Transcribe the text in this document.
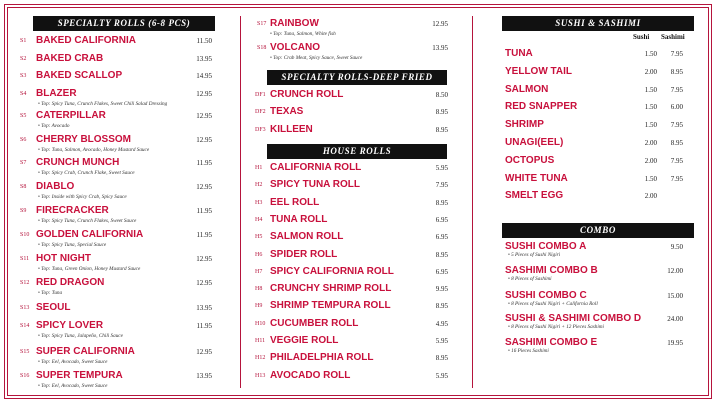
SPECIALTY ROLLS (6-8 PCS)
S1 BAKED CALIFORNIA	11.50
S2 BAKED CRAB	13.95
S3 BAKED SCALLOP	14.95
S4 BLAZER	12.95
• Top: Spicy Tuna, Crunch Flakes, Sweet Chili Salad Dressing
S5 CATERPILLAR	12.95
• Top: Avocado
S6 CHERRY BLOSSOM	12.95
• Top: Tuna, Salmon, Avocado, Honey Mustard Sauce
S7 CRUNCH MUNCH	11.95
• Top: Spicy Crab, Crunch Flake, Sweet Sauce
S8 DIABLO	12.95
• Top: Inside with Spicy Crab, Spicy Sauce
S9 FIRECRACKER	11.95
• Top: Spicy Tuna, Crunch Flakes, Sweet Sauce
S10 GOLDEN CALIFORNIA	11.95
• Top: Spicy Tuna, Special Sauce
S11 HOT NIGHT	12.95
• Top: Tuna, Green Onion, Honey Mustard Sauce
S12 RED DRAGON	12.95
• Top: Tuna
S13 SEOUL	13.95
S14 SPICY LOVER	11.95
• Top: Spicy Tuna, Jalapeño, Chili Sauce
S15 SUPER CALIFORNIA	12.95
• Top: Eel, Avocado, Sweet Sauce
S16 SUPER TEMPURA	13.95
• Top: Eel, Avocado, Sweet Sauce
S17 RAINBOW	12.95
• Top: Tuna, Salmon, White fish
S18 VOLCANO	13.95
• Top: Crab Meat, Spicy Sauce, Sweet Sauce
SPECIALTY ROLLS-DEEP FRIED
DF1 CRUNCH ROLL	8.50
DF2 TEXAS	8.95
DF3 KILLEEN	8.95
HOUSE ROLLS
H1 CALIFORNIA ROLL	5.95
H2 SPICY TUNA ROLL	7.95
H3 EEL ROLL	8.95
H4 TUNA ROLL	6.95
H5 SALMON ROLL	6.95
H6 SPIDER ROLL	8.95
H7 SPICY CALIFORNIA ROLL	6.95
H8 CRUNCHY SHRIMP ROLL	9.95
H9 SHRIMP TEMPURA ROLL	8.95
H10 CUCUMBER ROLL	4.95
H11 VEGGIE ROLL	5.95
H12 PHILADELPHIA ROLL	8.95
H13 AVOCADO ROLL	5.95
SUSHI & SASHIMI
Sushi Sashimi
TUNA	1.50	7.95
YELLOW TAIL	2.00	8.95
SALMON	1.50	7.95
RED SNAPPER	1.50	6.00
SHRIMP	1.50	7.95
UNAGI(EEL)	2.00	8.95
OCTOPUS	2.00	7.95
WHITE TUNA	1.50	7.95
SMELT EGG	2.00
COMBO
SUSHI COMBO A	9.50
• 5 Pieces of Sushi Nigiri
SASHIMI COMBO B	12.00
• 8 Pieces of Sashimi
SUSHI COMBO C	15.00
• 8 Pieces of Sushi Nigiri + California Roll
SUSHI & SASHIMI COMBO D	24.00
• 8 Pieces of Sushi Nigiri + 12 Pieces Sashimi
SASHIMI COMBO E	19.95
• 16 Pieces Sashimi
